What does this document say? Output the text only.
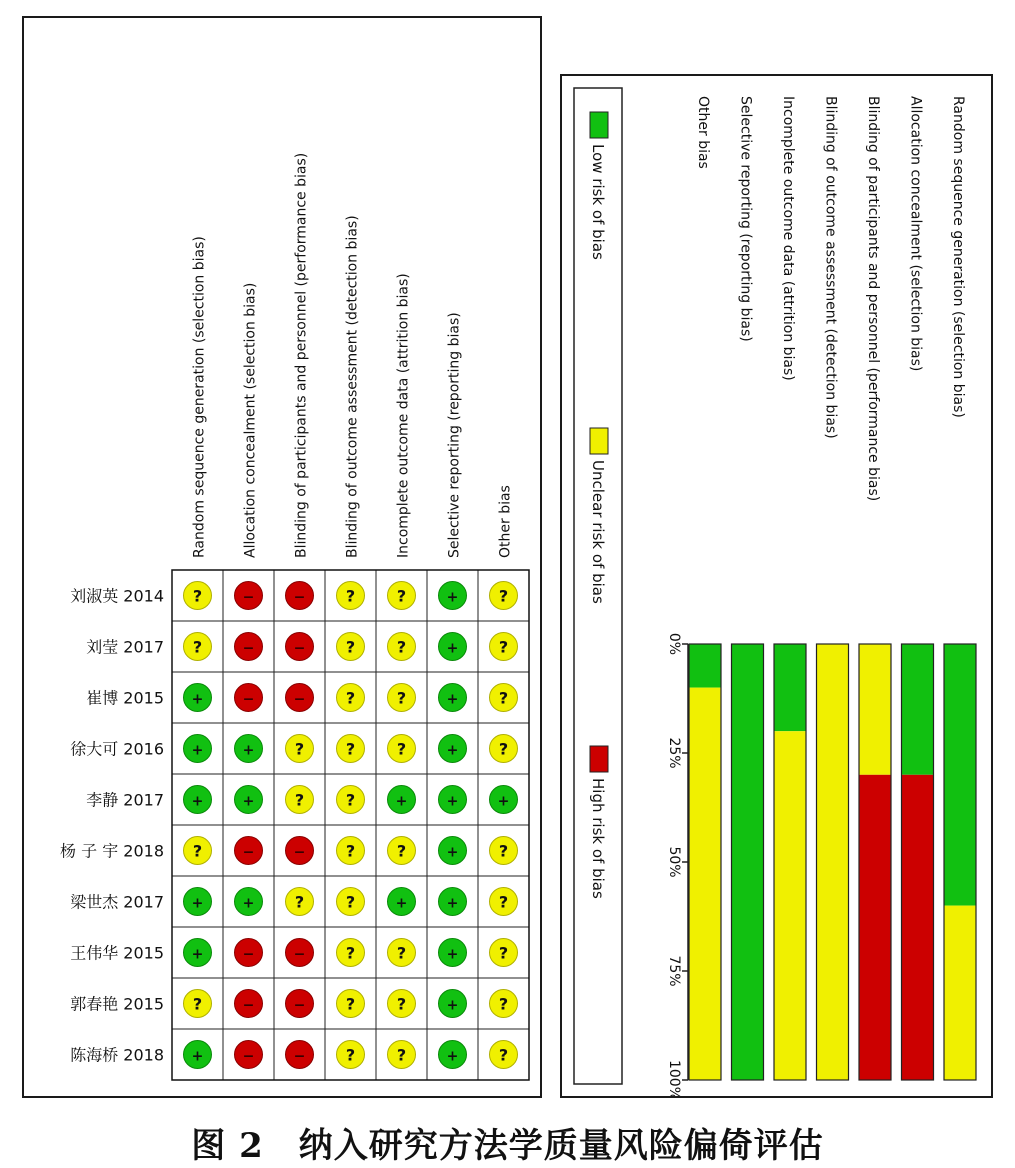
Random sequence generation (selection bias)	Allocation concealment (selection bias)	Blinding of participants and personnel (performance bias)	Blinding of outcome assessment (detection bias)	Incomplete outcome data (attrition bias)	Selective reporting (reporting bias)	Other bias
刘淑英 2014 ?	−	−	?	?	+	?
刘莹 2017 ?	−	−	?	?	+	?
崔博 2015 +	−	−	?	?	+	?
徐大可 2016 +	+	?	?	?	+	?
李静 2017 +	+	?	?	+	+	+
杨 子 宇 2018 ?	−	−	?	?	+	?
梁世杰 2017 +	+	?	?	+	+	?
王伟华 2015 +	−	−	?	?	+	?
郭春艳 2015 ?	−	−	?	?	+	?
陈海桥 2018 +	−	−	?	?	+	?
Low risk of bias
Unclear risk of bias
High risk of bias
0%
25%
50%
75%
100%
Random sequence generation (selection bias)
Allocation concealment (selection bias)
Blinding of participants and personnel (performance bias)
Blinding of outcome assessment (detection bias)
Incomplete outcome data (attrition bias)
Selective reporting (reporting bias)
Other bias
图 2　纳入研究方法学质量风险偏倚评估
